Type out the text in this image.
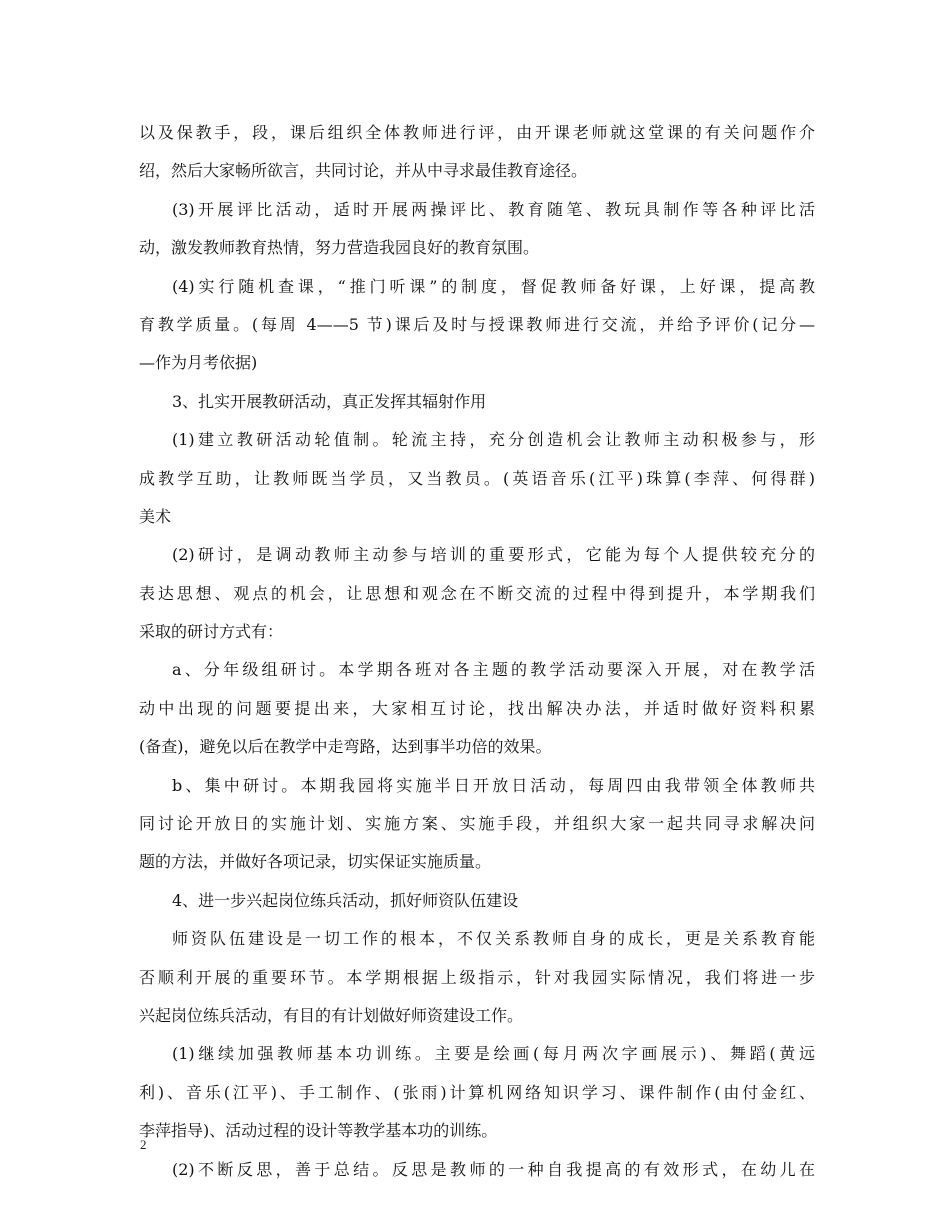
以及保教手，段，课后组织全体教师进行评，由开课老师就这堂课的有关问题作介
绍，然后大家畅所欲言，共同讨论，并从中寻求最佳教育途径。
(3)开展评比活动，适时开展两操评比、教育随笔、教玩具制作等各种评比活
动，激发教师教育热情，努力营造我园良好的教育氛围。
(4)实行随机查课，“推门听课”的制度，督促教师备好课，上好课，提高教
育教学质量。(每周 4——5 节)课后及时与授课教师进行交流，并给予评价(记分—
—作为月考依据)
3、扎实开展教研活动，真正发挥其辐射作用
(1)建立教研活动轮值制。轮流主持，充分创造机会让教师主动积极参与，形
成教学互助，让教师既当学员，又当教员。(英语音乐(江平)珠算(李萍、何得群)
美术
(2)研讨，是调动教师主动参与培训的重要形式，它能为每个人提供较充分的
表达思想、观点的机会，让思想和观念在不断交流的过程中得到提升，本学期我们
采取的研讨方式有：
a、分年级组研讨。本学期各班对各主题的教学活动要深入开展，对在教学活
动中出现的问题要提出来，大家相互讨论，找出解决办法，并适时做好资料积累
(备查)，避免以后在教学中走弯路，达到事半功倍的效果。
b、集中研讨。本期我园将实施半日开放日活动，每周四由我带领全体教师共
同讨论开放日的实施计划、实施方案、实施手段，并组织大家一起共同寻求解决问
题的方法，并做好各项记录，切实保证实施质量。
4、进一步兴起岗位练兵活动，抓好师资队伍建设
师资队伍建设是一切工作的根本，不仅关系教师自身的成长，更是关系教育能
否顺利开展的重要环节。本学期根据上级指示，针对我园实际情况，我们将进一步
兴起岗位练兵活动，有目的有计划做好师资建设工作。
(1)继续加强教师基本功训练。主要是绘画(每月两次字画展示)、舞蹈(黄远
利)、音乐(江平)、手工制作、(张雨)计算机网络知识学习、课件制作(由付金红、
李萍指导)、活动过程的设计等教学基本功的训练。
(2)不断反思，善于总结。反思是教师的一种自我提高的有效形式，在幼儿在
2
